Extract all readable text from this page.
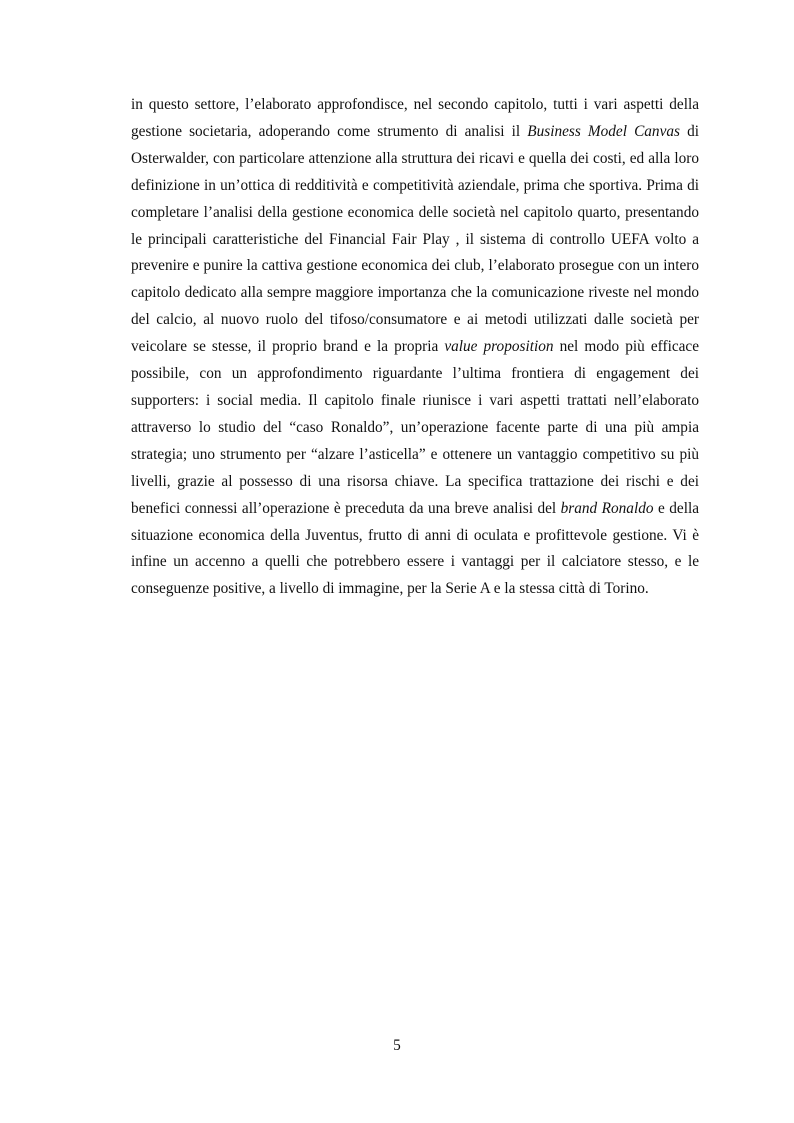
in questo settore, l’elaborato approfondisce, nel secondo capitolo, tutti i vari aspetti della gestione societaria, adoperando come strumento di analisi il Business Model Canvas di Osterwalder, con particolare attenzione alla struttura dei ricavi e quella dei costi, ed alla loro definizione in un’ottica di redditività e competitività aziendale, prima che sportiva. Prima di completare l’analisi della gestione economica delle società nel capitolo quarto, presentando le principali caratteristiche del Financial Fair Play , il sistema di controllo UEFA volto a prevenire e punire la cattiva gestione economica dei club, l’elaborato prosegue con un intero capitolo dedicato alla sempre maggiore importanza che la comunicazione riveste nel mondo del calcio, al nuovo ruolo del tifoso/consumatore e ai metodi utilizzati dalle società per veicolare se stesse, il proprio brand e la propria value proposition nel modo più efficace possibile, con un approfondimento riguardante l’ultima frontiera di engagement dei supporters: i social media. Il capitolo finale riunisce i vari aspetti trattati nell’elaborato attraverso lo studio del “caso Ronaldo”, un’operazione facente parte di una più ampia strategia; uno strumento per “alzare l’asticella” e ottenere un vantaggio competitivo su più livelli, grazie al possesso di una risorsa chiave. La specifica trattazione dei rischi e dei benefici connessi all’operazione è preceduta da una breve analisi del brand Ronaldo e della situazione economica della Juventus, frutto di anni di oculata e profittevole gestione. Vi è infine un accenno a quelli che potrebbero essere i vantaggi per il calciatore stesso, e le conseguenze positive, a livello di immagine, per la Serie A e la stessa città di Torino.

5
